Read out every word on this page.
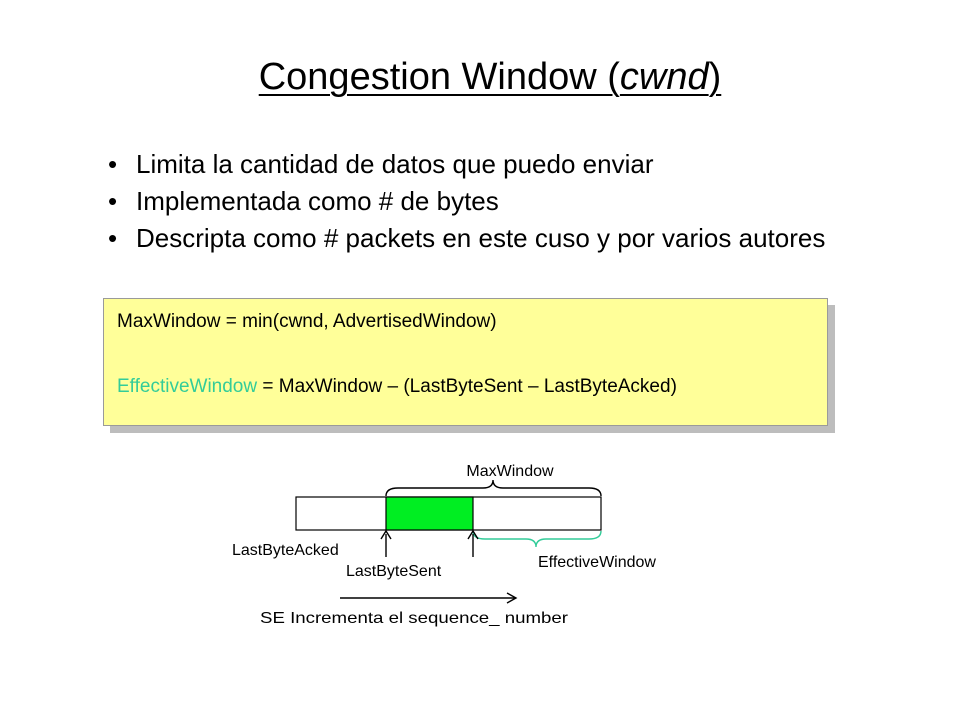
Congestion Window (cwnd)
• Limita la cantidad de datos que puedo enviar
• Implementada como # de bytes
• Descripta como # packets en este cuso y por varios autores
MaxWindow = min(cwnd, AdvertisedWindow)
EffectiveWindow = MaxWindow – (LastByteSent – LastByteAcked)
MaxWindow
EffectiveWindow
LastByteAcked
LastByteSent
SE Incrementa el sequence_ number
